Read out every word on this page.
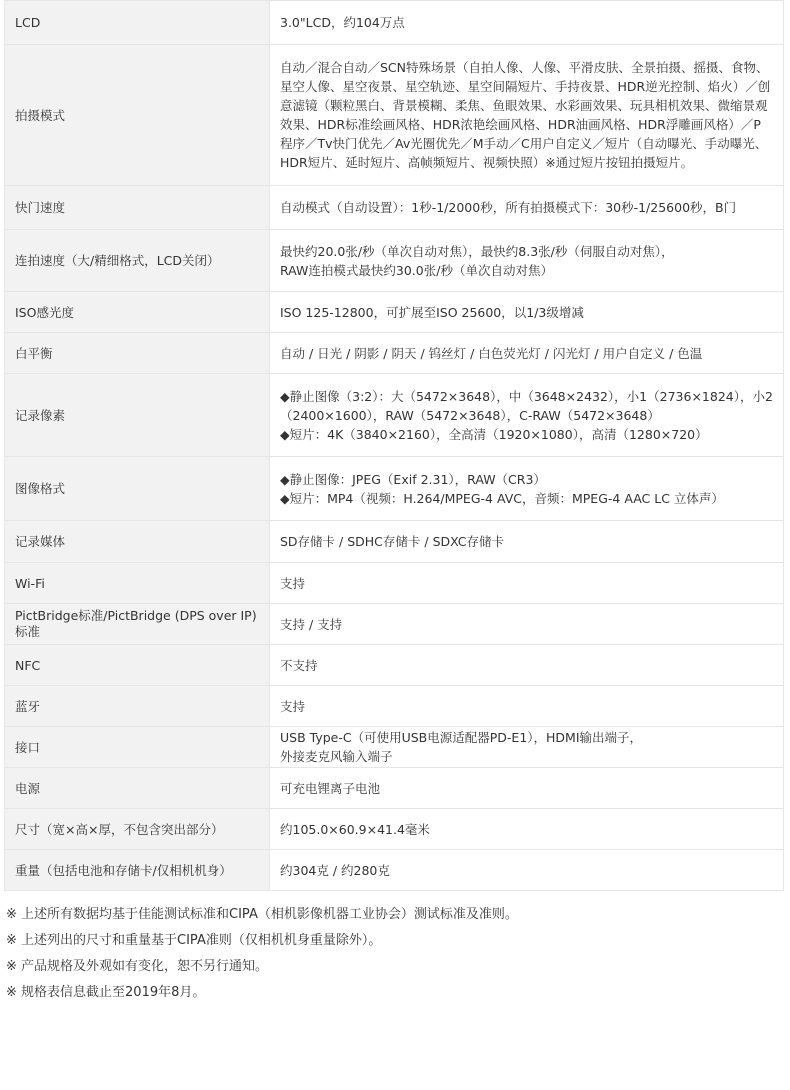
LCD	3.0"LCD，约104万点

拍摄模式	自动／混合自动／SCN特殊场景（自拍人像、人像、平滑皮肤、全景拍摄、摇摄、食物、星空人像、星空夜景、星空轨迹、星空间隔短片、手持夜景、HDR逆光控制、焰火）／创意滤镜（颗粒黑白、背景模糊、柔焦、鱼眼效果、水彩画效果、玩具相机效果、微缩景观效果、HDR标准绘画风格、HDR浓艳绘画风格、HDR油画风格、HDR浮雕画风格）／P程序／Tv快门优先／Av光圈优先／M手动／C用户自定义／短片（自动曝光、手动曝光、HDR短片、延时短片、高帧频短片、视频快照）※通过短片按钮拍摄短片。

快门速度	自动模式（自动设置）：1秒-1/2000秒，所有拍摄模式下：30秒-1/25600秒，B门

连拍速度（大/精细格式，LCD关闭）	最快约20.0张/秒（单次自动对焦），最快约8.3张/秒（伺服自动对焦），
RAW连拍模式最快约30.0张/秒（单次自动对焦）

ISO感光度	ISO 125-12800，可扩展至ISO 25600，以1/3级增减

白平衡	自动 / 日光 / 阴影 / 阴天 / 钨丝灯 / 白色荧光灯 / 闪光灯 / 用户自定义 / 色温

记录像素	◆静止图像（3:2）：大（5472×3648），中（3648×2432），小1（2736×1824），小2（2400×1600），RAW（5472×3648），C-RAW（5472×3648）
◆短片：4K（3840×2160），全高清（1920×1080），高清（1280×720）

图像格式	◆静止图像：JPEG（Exif 2.31），RAW（CR3）
◆短片：MP4（视频：H.264/MPEG-4 AVC，音频：MPEG-4 AAC LC 立体声）

记录媒体	SD存储卡 / SDHC存储卡 / SDXC存储卡

Wi-Fi	支持

PictBridge标准/PictBridge (DPS over IP)标准	支持 / 支持

NFC	不支持

蓝牙	支持

接口	USB Type-C（可使用USB电源适配器PD-E1），HDMI输出端子，
外接麦克风输入端子

电源	可充电锂离子电池

尺寸（宽×高×厚，不包含突出部分）	约105.0×60.9×41.4毫米

重量（包括电池和存储卡/仅相机机身）	约304克 / 约280克
※ 上述所有数据均基于佳能测试标准和CIPA（相机影像机器工业协会）测试标准及准则。
※ 上述列出的尺寸和重量基于CIPA准则（仅相机机身重量除外）。
※ 产品规格及外观如有变化，恕不另行通知。
※ 规格表信息截止至2019年8月。
